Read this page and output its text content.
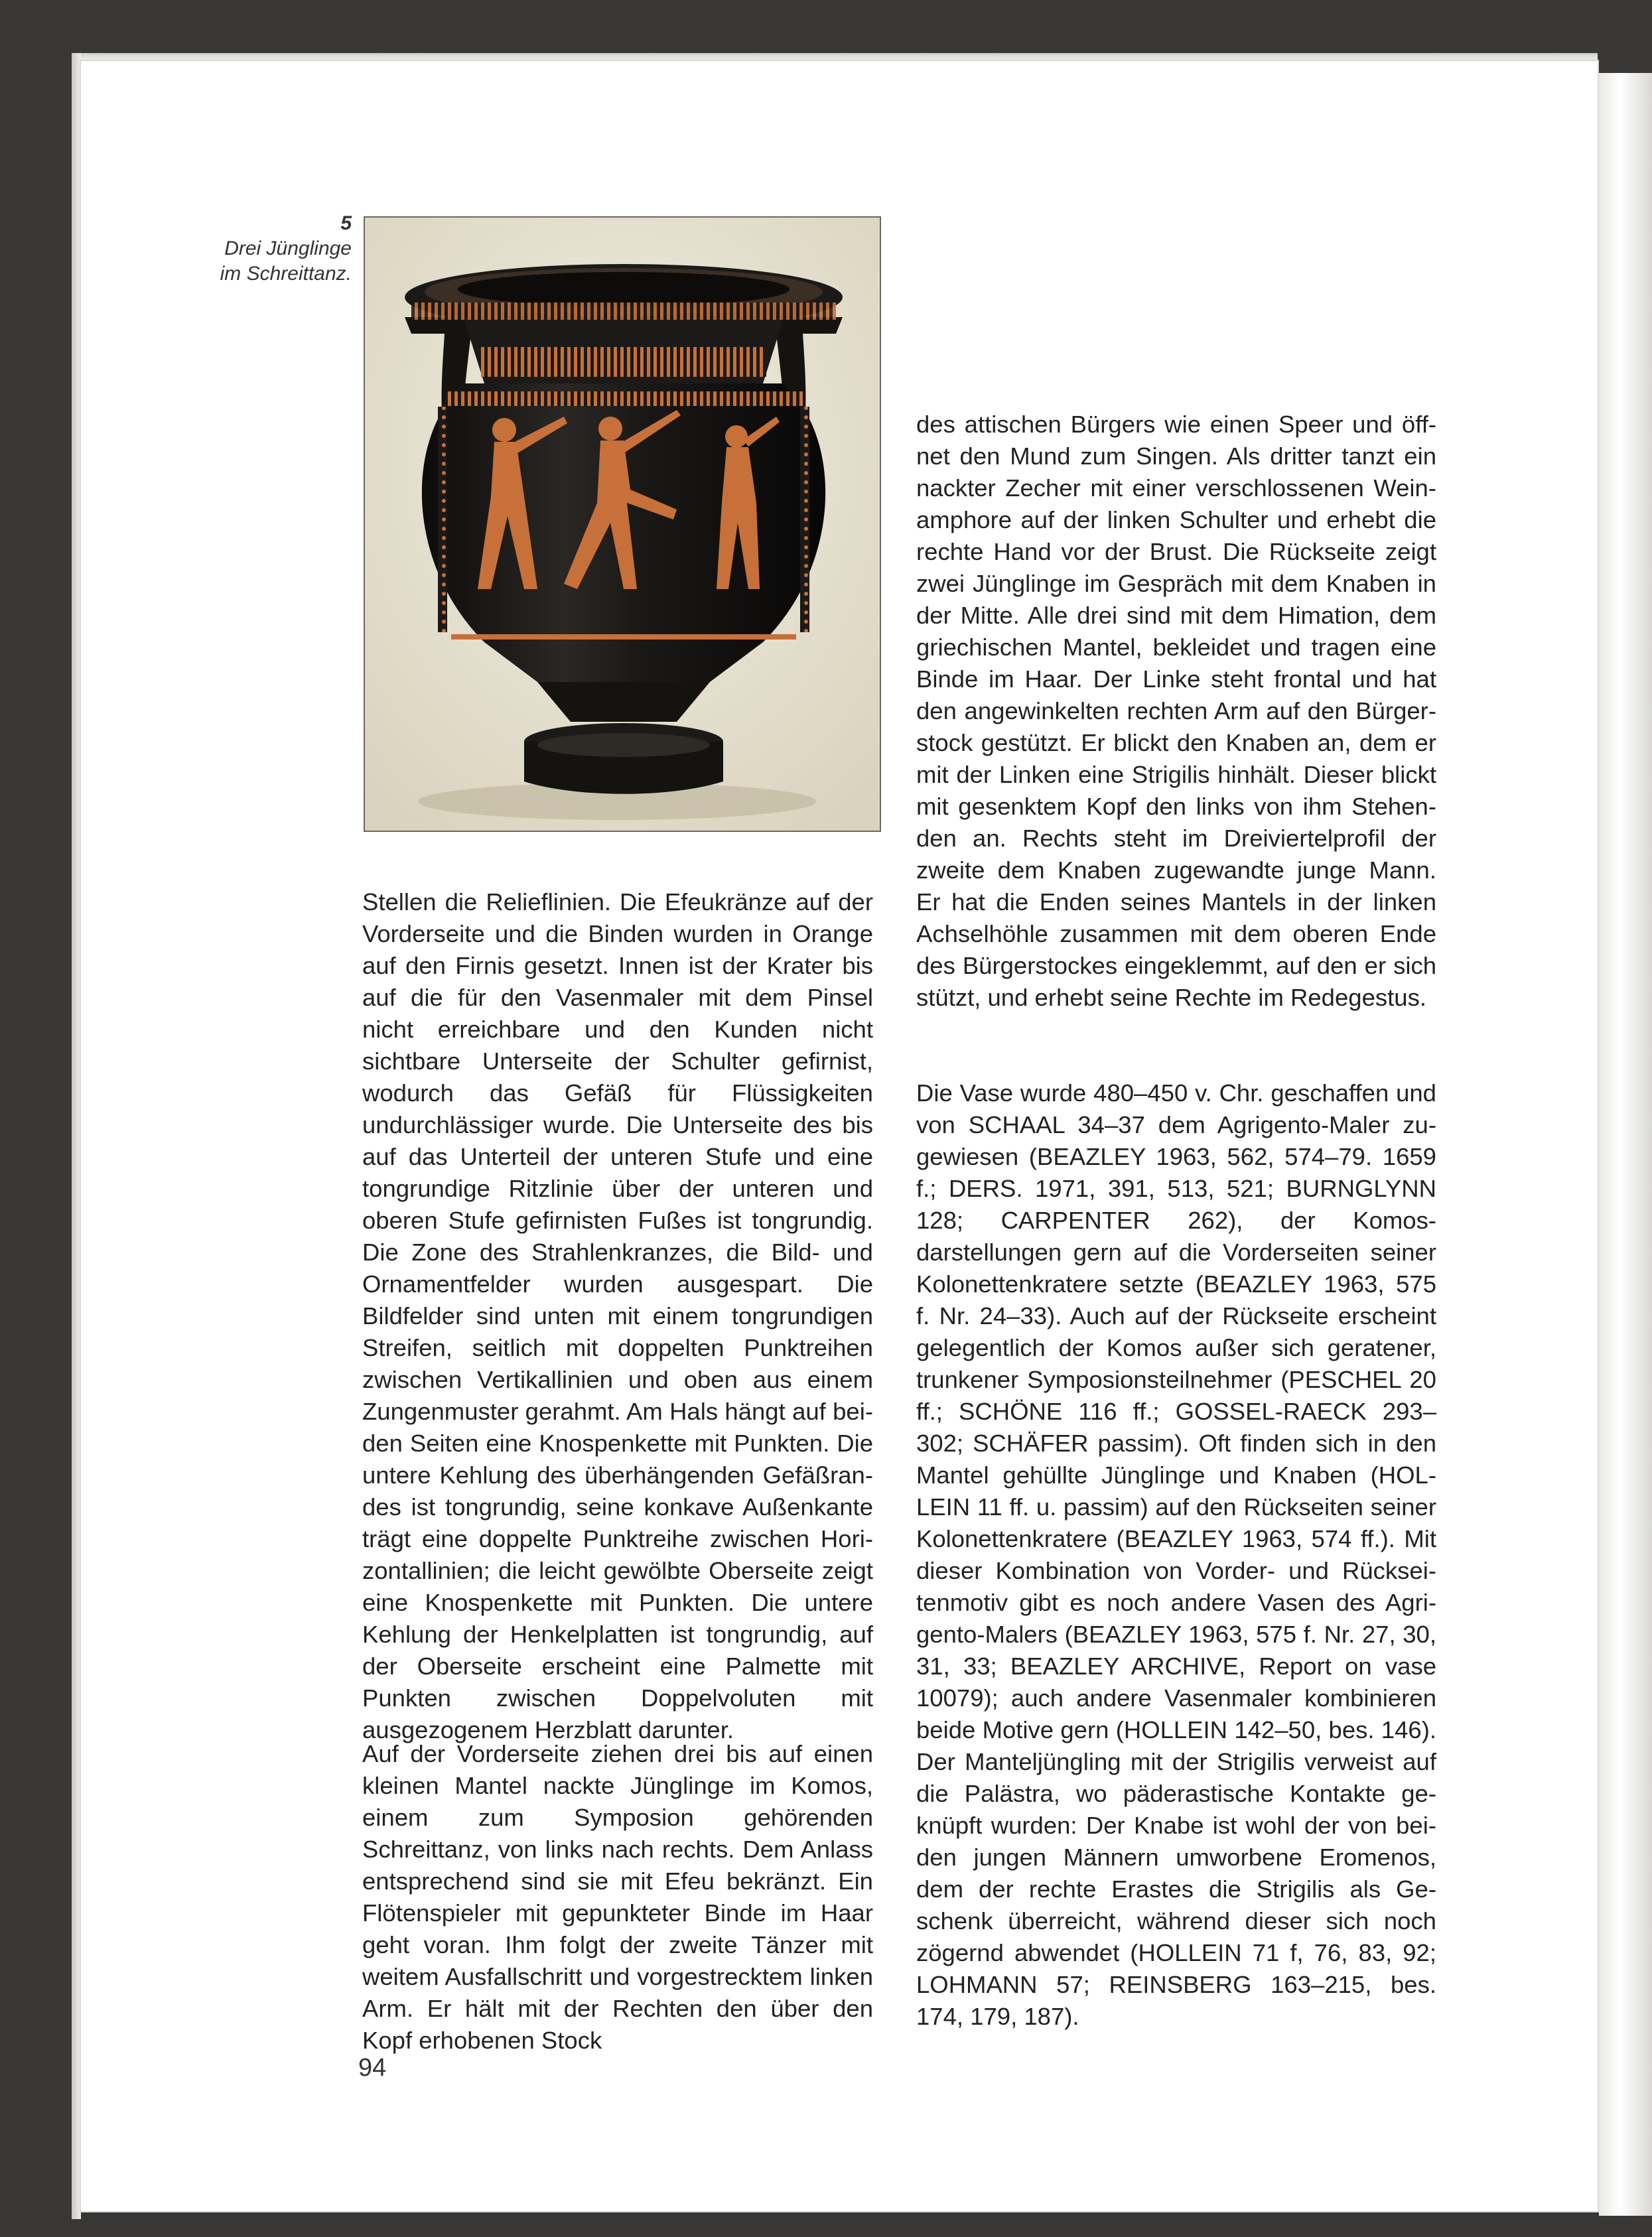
5
Drei Jünglinge
im Schreittanz.

Stellen die Relieflinien. Die Efeukränze auf der Vorderseite und die Binden wurden in Orange auf den Firnis gesetzt. Innen ist der Krater bis auf die für den Vasenmaler mit dem Pinsel nicht erreichbare und den Kunden nicht sichtbare Unterseite der Schulter gefirnist, wodurch das Gefäß für Flüssigkeiten undurchlässiger wurde. Die Unterseite des bis auf das Unterteil der unteren Stufe und eine tongrundige Ritzlinie über der unteren und oberen Stufe gefirnisten Fußes ist tongrundig. Die Zone des Strahlenkranzes, die Bild- und Ornamentfelder wurden ausgespart. Die Bildfelder sind unten mit einem tongrundigen Streifen, seitlich mit doppelten Punktreihen zwischen Vertikallinien und oben aus einem Zungenmuster gerahmt. Am Hals hängt auf beiden Seiten eine Knospenkette mit Punkten. Die untere Kehlung des überhängenden Gefäßrandes ist tongrundig, seine konkave Außenkante trägt eine doppelte Punktreihe zwischen Horizontallinien; die leicht gewölbte Oberseite zeigt eine Knospenkette mit Punkten. Die untere Kehlung der Henkelplatten ist tongrundig, auf der Oberseite erscheint eine Palmette mit Punkten zwischen Doppelvoluten mit ausgezogenem Herzblatt darunter.

Auf der Vorderseite ziehen drei bis auf einen kleinen Mantel nackte Jünglinge im Komos, einem zum Symposion gehörenden Schreittanz, von links nach rechts. Dem Anlass entsprechend sind sie mit Efeu bekränzt. Ein Flötenspieler mit gepunkteter Binde im Haar geht voran. Ihm folgt der zweite Tänzer mit weitem Ausfallschritt und vorgestrecktem linken Arm. Er hält mit der Rechten den über den Kopf erhobenen Stock

des attischen Bürgers wie einen Speer und öffnet den Mund zum Singen. Als dritter tanzt ein nackter Zecher mit einer verschlossenen Weinamphore auf der linken Schulter und erhebt die rechte Hand vor der Brust. Die Rückseite zeigt zwei Jünglinge im Gespräch mit dem Knaben in der Mitte. Alle drei sind mit dem Himation, dem griechischen Mantel, bekleidet und tragen eine Binde im Haar. Der Linke steht frontal und hat den angewinkelten rechten Arm auf den Bürgerstock gestützt. Er blickt den Knaben an, dem er mit der Linken eine Strigilis hinhält. Dieser blickt mit gesenktem Kopf den links von ihm Stehenden an. Rechts steht im Dreiviertelprofil der zweite dem Knaben zugewandte junge Mann. Er hat die Enden seines Mantels in der linken Achselhöhle zusammen mit dem oberen Ende des Bürgerstockes eingeklemmt, auf den er sich stützt, und erhebt seine Rechte im Redegestus.

Die Vase wurde 480–450 v. Chr. geschaffen und von SCHAAL 34–37 dem Agrigento-Maler zugewiesen (BEAZLEY 1963, 562, 574–79. 1659 f.; DERS. 1971, 391, 513, 521; BURNGLYNN 128; CARPENTER 262), der Komosdarstellungen gern auf die Vorderseiten seiner Kolonettenkratere setzte (BEAZLEY 1963, 575 f. Nr. 24–33). Auch auf der Rückseite erscheint gelegentlich der Komos außer sich geratener, trunkener Symposionsteilnehmer (PESCHEL 20 ff.; SCHÖNE 116 ff.; GOSSEL-RAECK 293–302; SCHÄFER passim). Oft finden sich in den Mantel gehüllte Jünglinge und Knaben (HOLLEIN 11 ff. u. passim) auf den Rückseiten seiner Kolonettenkratere (BEAZLEY 1963, 574 ff.). Mit dieser Kombination von Vorder- und Rückseitenmotiv gibt es noch andere Vasen des Agrigento-Malers (BEAZLEY 1963, 575 f. Nr. 27, 30, 31, 33; BEAZLEY ARCHIVE, Report on vase 10079); auch andere Vasenmaler kombinieren beide Motive gern (HOLLEIN 142–50, bes. 146). Der Manteljüngling mit der Strigilis verweist auf die Palästra, wo päderastische Kontakte geknüpft wurden: Der Knabe ist wohl der von beiden jungen Männern umworbene Eromenos, dem der rechte Erastes die Strigilis als Geschenk überreicht, während dieser sich noch zögernd abwendet (HOLLEIN 71 f, 76, 83, 92; LOHMANN 57; REINSBERG 163–215, bes. 174, 179, 187).

94
